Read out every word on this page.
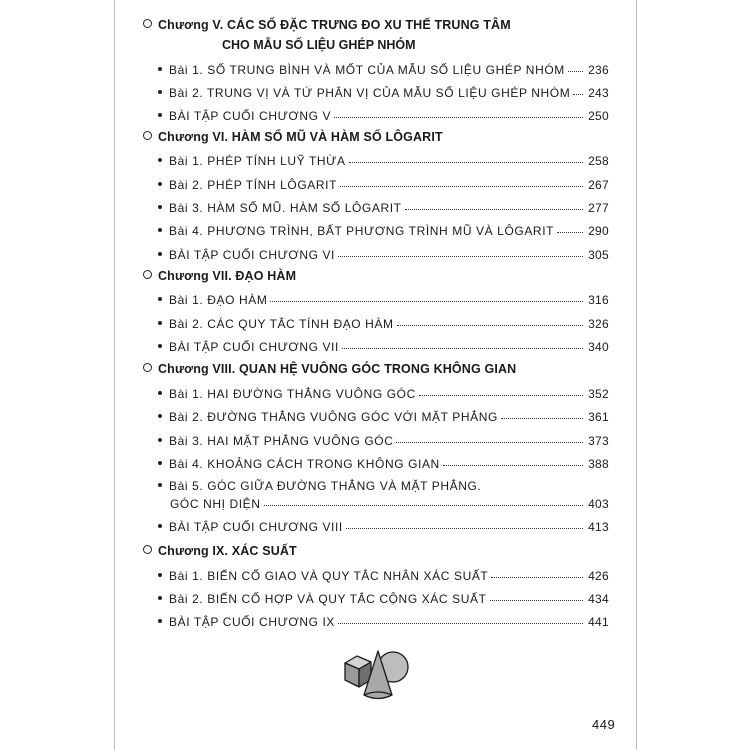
Chương V. CÁC SỐ ĐẶC TRƯNG ĐO XU THẾ TRUNG TÂM
CHO MẪU SỐ LIỆU GHÉP NHÓM
Bài 1. SỐ TRUNG BÌNH VÀ MỐT CỦA MẪU SỐ LIỆU GHÉP NHÓM 236
Bài 2. TRUNG VỊ VÀ TỨ PHÂN VỊ CỦA MẪU SỐ LIỆU GHÉP NHÓM 243
BÀI TẬP CUỐI CHƯƠNG V	250
Chương VI. HÀM SỐ MŨ VÀ HÀM SỐ LÔGARIT
Bài 1. PHÉP TÍNH LUỸ THỪA	258
Bài 2. PHÉP TÍNH LÔGARIT	267
Bài 3. HÀM SỐ MŨ. HÀM SỐ LÔGARIT	277
Bài 4. PHƯƠNG TRÌNH, BẤT PHƯƠNG TRÌNH MŨ VÀ LÔGARIT	290
BÀI TẬP CUỐI CHƯƠNG VI	305
Chương VII. ĐẠO HÀM
Bài 1. ĐẠO HÀM	316
Bài 2. CÁC QUY TẮC TÍNH ĐẠO HÀM	326
BÀI TẬP CUỐI CHƯƠNG VII	340
Chương VIII. QUAN HỆ VUÔNG GÓC TRONG KHÔNG GIAN
Bài 1. HAI ĐƯỜNG THẲNG VUÔNG GÓC	352
Bài 2. ĐƯỜNG THẲNG VUÔNG GÓC VỚI MẶT PHẲNG	361
Bài 3. HAI MẶT PHẲNG VUÔNG GÓC	373
Bài 4. KHOẢNG CÁCH TRONG KHÔNG GIAN	388
Bài 5. GÓC GIỮA ĐƯỜNG THẲNG VÀ MẶT PHẲNG.
GÓC NHỊ DIỆN	403
BÀI TẬP CUỐI CHƯƠNG VIII	413
Chương IX. XÁC SUẤT
Bài 1. BIẾN CỐ GIAO VÀ QUY TẮC NHÂN XÁC SUẤT	426
Bài 2. BIẾN CỐ HỢP VÀ QUY TẮC CỘNG XÁC SUẤT	434
BÀI TẬP CUỐI CHƯƠNG IX	441
449
